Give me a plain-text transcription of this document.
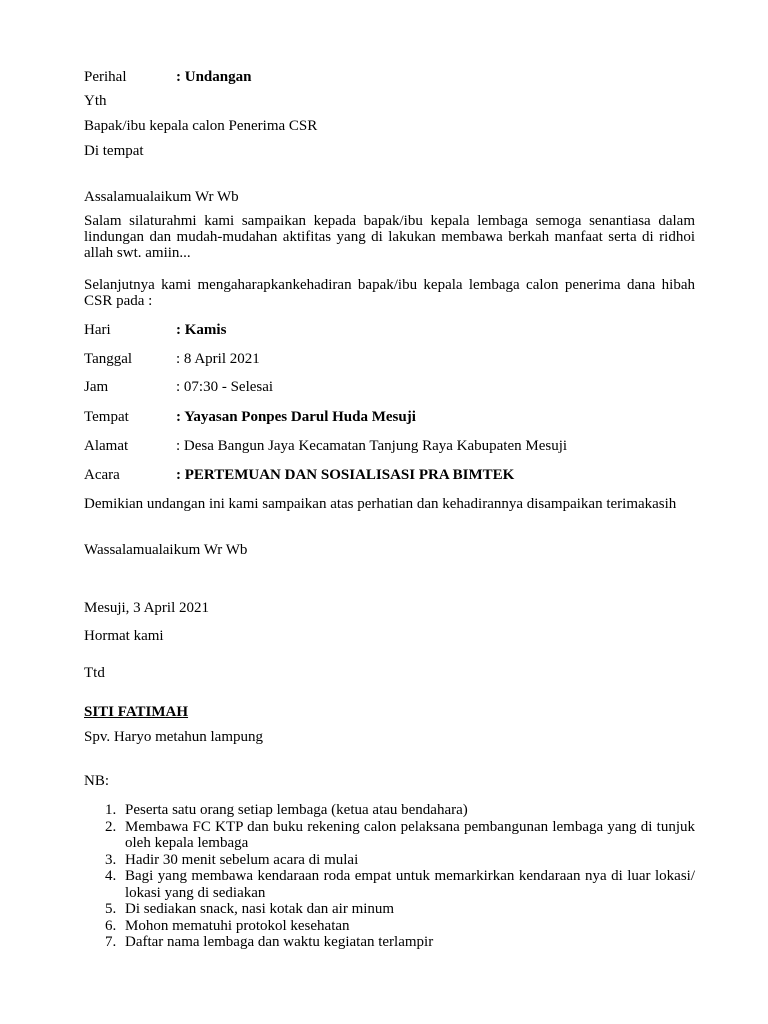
Perihal	: Undangan

Yth

Bapak/ibu kepala calon Penerima CSR

Di tempat

Assalamualaikum Wr Wb

Salam silaturahmi kami sampaikan kepada bapak/ibu kepala lembaga semoga senantiasa dalam lindungan dan mudah-mudahan aktifitas yang di lakukan membawa berkah manfaat serta di ridhoi allah swt. amiin...

Selanjutnya kami mengaharapkankehadiran bapak/ibu kepala lembaga calon penerima dana hibah CSR pada :

Hari	: Kamis
Tanggal	: 8 April 2021
Jam	: 07:30 - Selesai
Tempat	: Yayasan Ponpes Darul Huda Mesuji
Alamat	: Desa Bangun Jaya Kecamatan Tanjung Raya Kabupaten Mesuji
Acara	: PERTEMUAN DAN SOSIALISASI PRA BIMTEK

Demikian undangan ini kami sampaikan atas perhatian dan kehadirannya disampaikan terimakasih

Wassalamualaikum Wr Wb

Mesuji, 3 April 2021

Hormat kami

Ttd

SITI FATIMAH

Spv. Haryo metahun lampung

NB:

1. Peserta satu orang setiap lembaga (ketua atau bendahara)
2. Membawa FC KTP dan buku rekening calon pelaksana pembangunan lembaga yang di tunjuk oleh kepala lembaga
3. Hadir 30 menit sebelum acara di mulai
4. Bagi yang membawa kendaraan roda empat untuk memarkirkan kendaraan nya di luar lokasi/ lokasi yang di sediakan
5. Di sediakan snack, nasi kotak dan air minum
6. Mohon mematuhi protokol kesehatan
7. Daftar nama lembaga dan waktu kegiatan terlampir
